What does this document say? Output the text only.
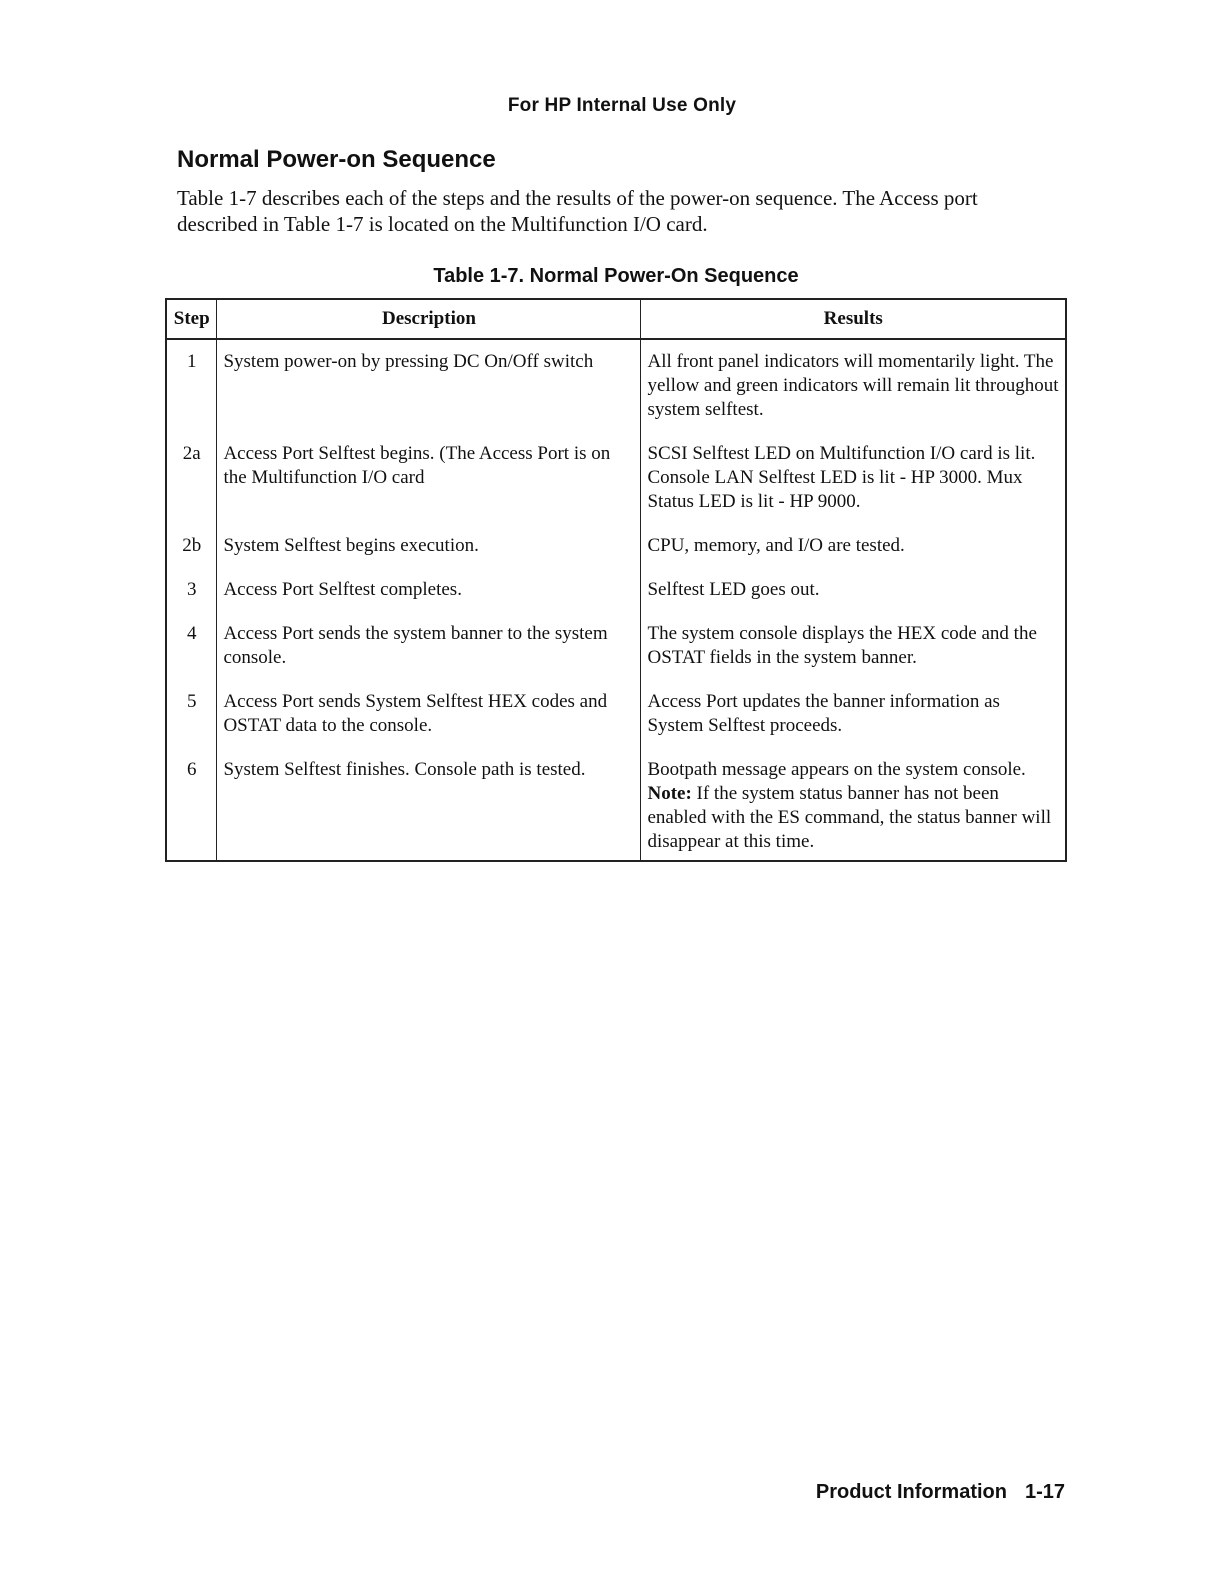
For HP Internal Use Only
Normal Power-on Sequence

Table 1-7 describes each of the steps and the results of the power-on sequence. The Access port described in Table 1-7 is located on the Multifunction I/O card.

Table 1-7. Normal Power-On Sequence
Step	Description	Results
1	System power-on by pressing DC On/Off switch	All front panel indicators will momentarily light. The yellow and green indicators will remain lit throughout system selftest.
2a	Access Port Selftest begins. (The Access Port is on the Multifunction I/O card	SCSI Selftest LED on Multifunction I/O card is lit. Console LAN Selftest LED is lit - HP 3000. Mux Status LED is lit - HP 9000.
2b	System Selftest begins execution.	CPU, memory, and I/O are tested.
3	Access Port Selftest completes.	Selftest LED goes out.
4	Access Port sends the system banner to the system console.	The system console displays the HEX code and the OSTAT fields in the system banner.
5	Access Port sends System Selftest HEX codes and OSTAT data to the console.	Access Port updates the banner information as System Selftest proceeds.
6	System Selftest finishes. Console path is tested.	Bootpath message appears on the system console. Note: If the system status banner has not been enabled with the ES command, the status banner will disappear at this time.
Product Information 1-17
